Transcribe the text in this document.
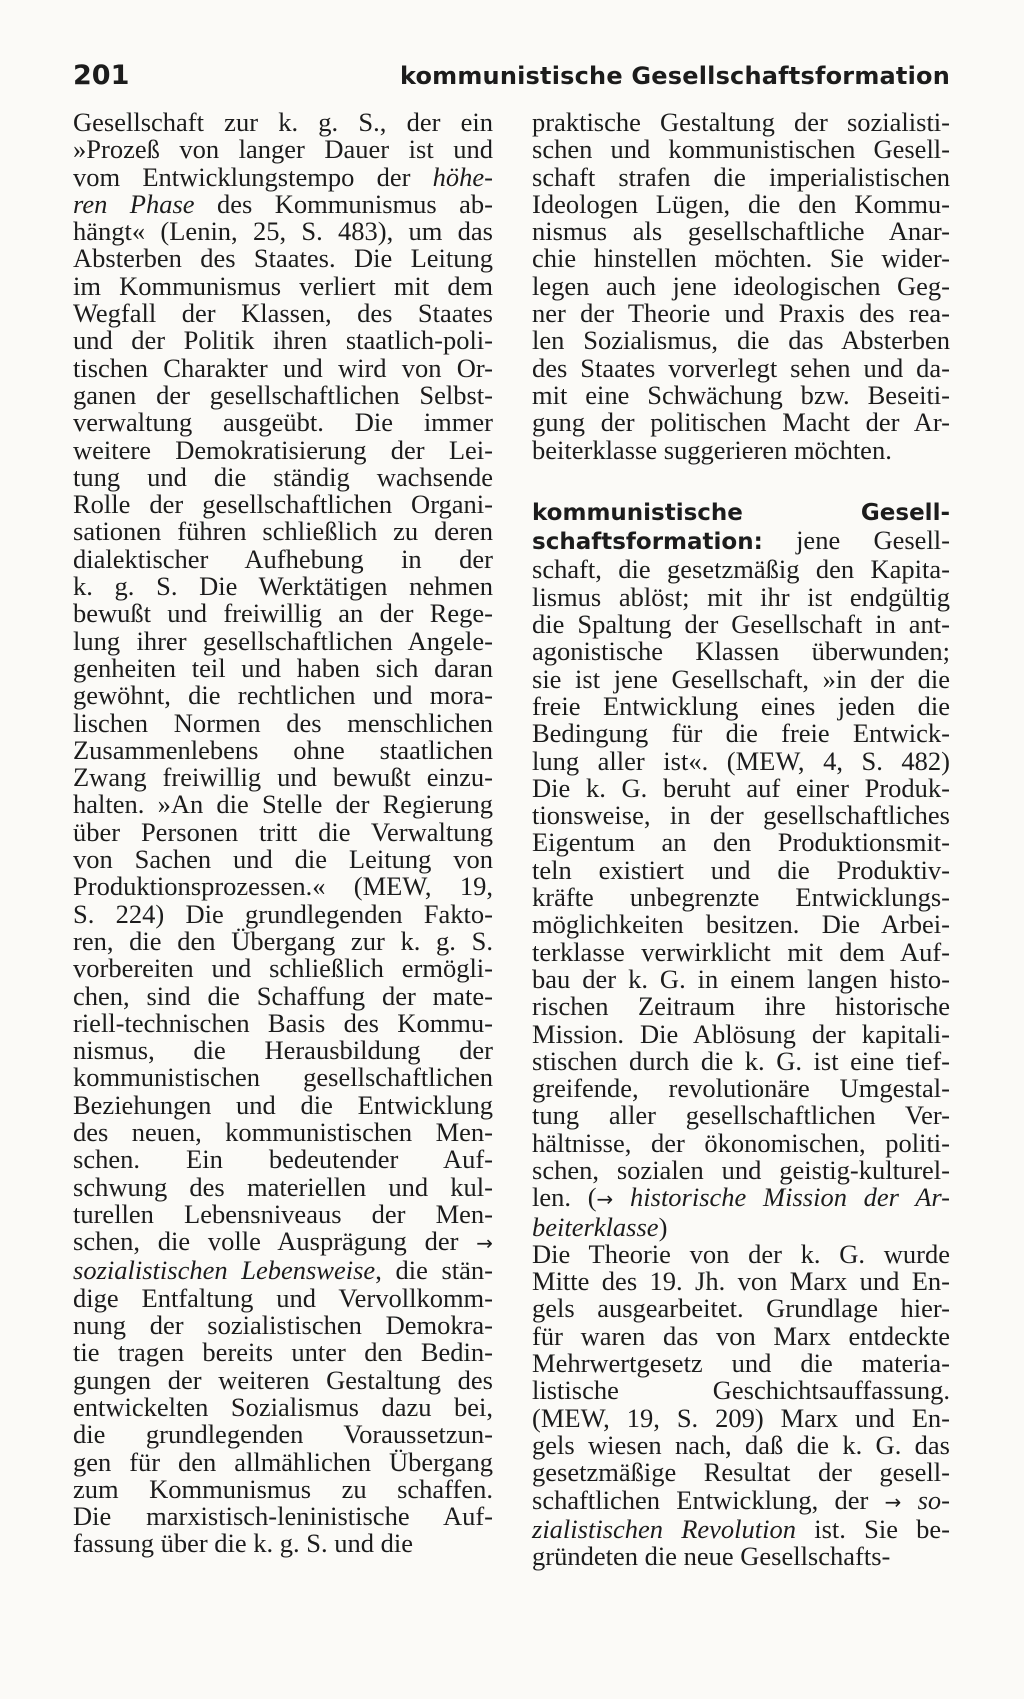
201	kommunistische Gesellschaftsformation
Gesellschaft zur k. g. S., der ein
»Prozeß von langer Dauer ist und
vom Entwicklungstempo der höhe-
ren Phase des Kommunismus ab-
hängt« (Lenin, 25, S. 483), um das
Absterben des Staates. Die Leitung
im Kommunismus verliert mit dem
Wegfall der Klassen, des Staates
und der Politik ihren staatlich-poli-
tischen Charakter und wird von Or-
ganen der gesellschaftlichen Selbst-
verwaltung ausgeübt. Die immer
weitere Demokratisierung der Lei-
tung und die ständig wachsende
Rolle der gesellschaftlichen Organi-
sationen führen schließlich zu deren
dialektischer Aufhebung in der
k. g. S. Die Werktätigen nehmen
bewußt und freiwillig an der Rege-
lung ihrer gesellschaftlichen Angele-
genheiten teil und haben sich daran
gewöhnt, die rechtlichen und mora-
lischen Normen des menschlichen
Zusammenlebens ohne staatlichen
Zwang freiwillig und bewußt einzu-
halten. »An die Stelle der Regierung
über Personen tritt die Verwaltung
von Sachen und die Leitung von
Produktionsprozessen.« (MEW, 19,
S. 224) Die grundlegenden Fakto-
ren, die den Übergang zur k. g. S.
vorbereiten und schließlich ermögli-
chen, sind die Schaffung der mate-
riell-technischen Basis des Kommu-
nismus, die Herausbildung der
kommunistischen gesellschaftlichen
Beziehungen und die Entwicklung
des neuen, kommunistischen Men-
schen. Ein bedeutender Auf-
schwung des materiellen und kul-
turellen Lebensniveaus der Men-
schen, die volle Ausprägung der →
sozialistischen Lebensweise, die stän-
dige Entfaltung und Vervollkomm-
nung der sozialistischen Demokra-
tie tragen bereits unter den Bedin-
gungen der weiteren Gestaltung des
entwickelten Sozialismus dazu bei,
die grundlegenden Voraussetzun-
gen für den allmählichen Übergang
zum Kommunismus zu schaffen.
Die marxistisch-leninistische Auf-
fassung über die k. g. S. und die
praktische Gestaltung der sozialisti-
schen und kommunistischen Gesell-
schaft strafen die imperialistischen
Ideologen Lügen, die den Kommu-
nismus als gesellschaftliche Anar-
chie hinstellen möchten. Sie wider-
legen auch jene ideologischen Geg-
ner der Theorie und Praxis des rea-
len Sozialismus, die das Absterben
des Staates vorverlegt sehen und da-
mit eine Schwächung bzw. Beseiti-
gung der politischen Macht der Ar-
beiterklasse suggerieren möchten.
kommunistische Gesell-
schaftsformation: jene Gesell-
schaft, die gesetzmäßig den Kapita-
lismus ablöst; mit ihr ist endgültig
die Spaltung der Gesellschaft in ant-
agonistische Klassen überwunden;
sie ist jene Gesellschaft, »in der die
freie Entwicklung eines jeden die
Bedingung für die freie Entwick-
lung aller ist«. (MEW, 4, S. 482)
Die k. G. beruht auf einer Produk-
tionsweise, in der gesellschaftliches
Eigentum an den Produktionsmit-
teln existiert und die Produktiv-
kräfte unbegrenzte Entwicklungs-
möglichkeiten besitzen. Die Arbei-
terklasse verwirklicht mit dem Auf-
bau der k. G. in einem langen histo-
rischen Zeitraum ihre historische
Mission. Die Ablösung der kapitali-
stischen durch die k. G. ist eine tief-
greifende, revolutionäre Umgestal-
tung aller gesellschaftlichen Ver-
hältnisse, der ökonomischen, politi-
schen, sozialen und geistig-kulturel-
len. (→ historische Mission der Ar-
beiterklasse)
Die Theorie von der k. G. wurde
Mitte des 19. Jh. von Marx und En-
gels ausgearbeitet. Grundlage hier-
für waren das von Marx entdeckte
Mehrwertgesetz und die materia-
listische Geschichtsauffassung.
(MEW, 19, S. 209) Marx und En-
gels wiesen nach, daß die k. G. das
gesetzmäßige Resultat der gesell-
schaftlichen Entwicklung, der → so-
zialistischen Revolution ist. Sie be-
gründeten die neue Gesellschafts-
